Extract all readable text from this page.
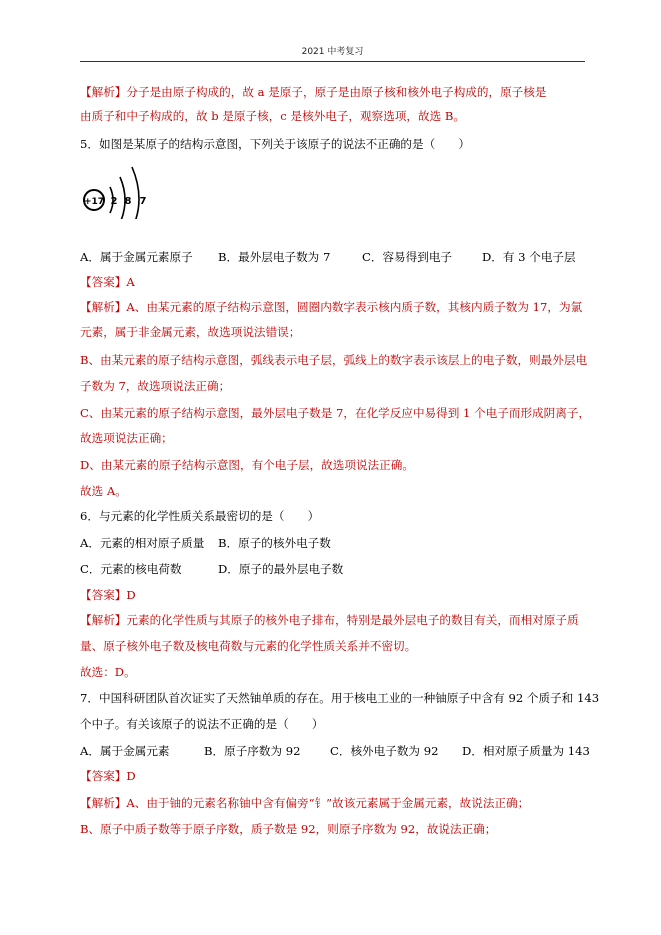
2021 中考复习
【解析】分子是由原子构成的，故 a 是原子，原子是由原子核和核外电子构成的，原子核是
由质子和中子构成的，故 b 是原子核，c 是核外电子，观察选项，故选 B。
5．如图是某原子的结构示意图，下列关于该原子的说法不正确的是（　　）
+17 2 8 7
A．属于金属元素原子 B．最外层电子数为 7	C．容易得到电子	D．有 3 个电子层
【答案】A
【解析】A、由某元素的原子结构示意图，圆圈内数字表示核内质子数，其核内质子数为 17，为氯
元素，属于非金属元素，故选项说法错误；
B、由某元素的原子结构示意图，弧线表示电子层，弧线上的数字表示该层上的电子数，则最外层电
子数为 7，故选项说法正确；
C、由某元素的原子结构示意图，最外层电子数是 7，在化学反应中易得到 1 个电子而形成阴离子，
故选项说法正确；
D、由某元素的原子结构示意图，有个电子层，故选项说法正确。
故选 A。
6．与元素的化学性质关系最密切的是（　　）
A．元素的相对原子质量 B．原子的核外电子数
C．元素的核电荷数	D．原子的最外层电子数
【答案】D
【解析】元素的化学性质与其原子的核外电子排布，特别是最外层电子的数目有关，而相对原子质
量、原子核外电子数及核电荷数与元素的化学性质关系并不密切。
故选：D。
7．中国科研团队首次证实了天然铀单质的存在。用于核电工业的一种铀原子中含有 92 个质子和 143
个中子。有关该原子的说法不正确的是（　　）
A．属于金属元素	B．原子序数为 92	C．核外电子数为 92 D．相对原子质量为 143
【答案】D
【解析】A、由于铀的元素名称铀中含有偏旁“钅”故该元素属于金属元素，故说法正确；
B、原子中质子数等于原子序数，质子数是 92，则原子序数为 92，故说法正确；
